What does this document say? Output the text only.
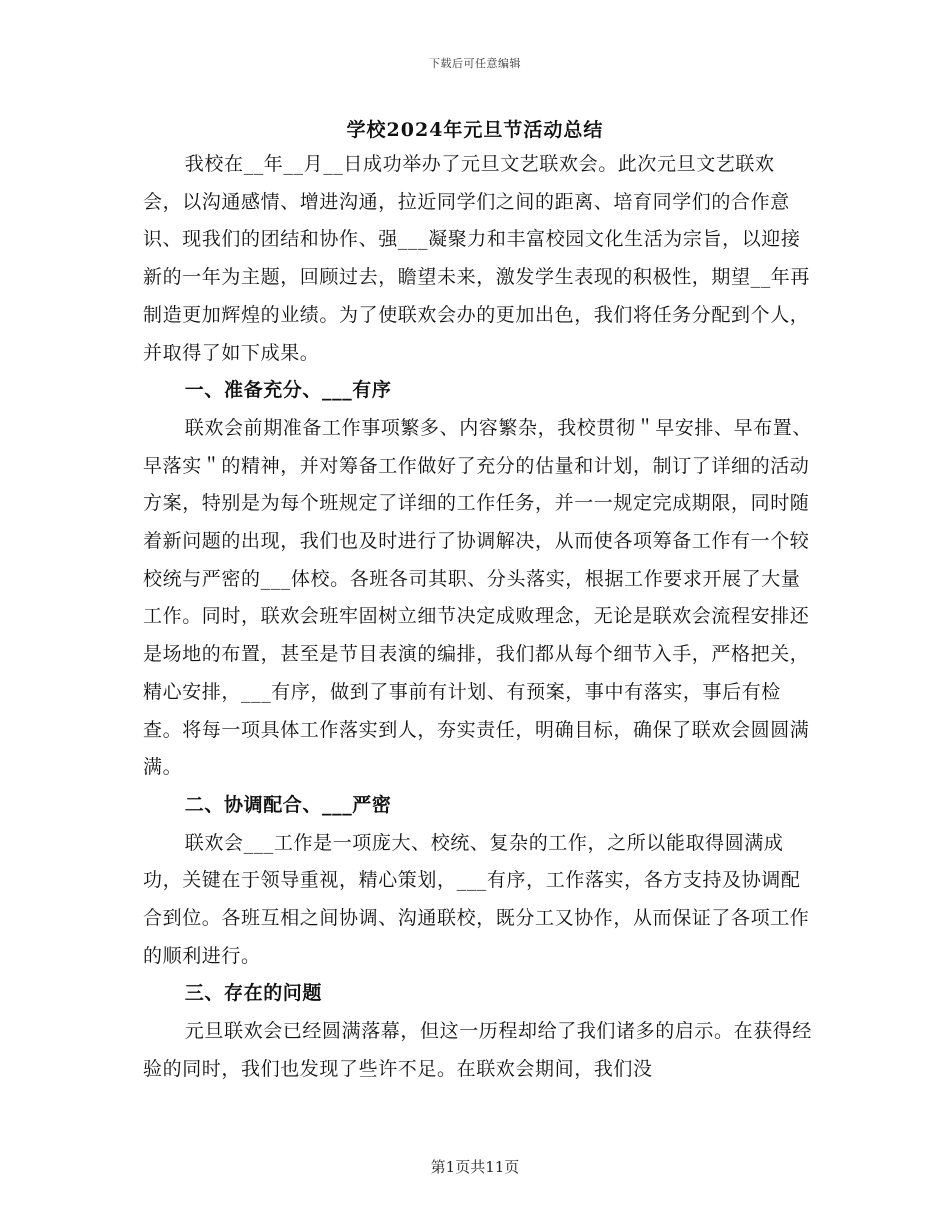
下载后可任意编辑
学校2024年元旦节活动总结

我校在__年__月__日成功举办了元旦文艺联欢会。此次元旦文艺联欢会，以沟通感情、增进沟通，拉近同学们之间的距离、培育同学们的合作意识、现我们的团结和协作、强___凝聚力和丰富校园文化生活为宗旨，以迎接新的一年为主题，回顾过去，瞻望未来，激发学生表现的积极性，期望__年再制造更加辉煌的业绩。为了使联欢会办的更加出色，我们将任务分配到个人，并取得了如下成果。

一、准备充分、___有序

联欢会前期准备工作事项繁多、内容繁杂，我校贯彻＂早安排、早布置、早落实＂的精神，并对筹备工作做好了充分的估量和计划，制订了详细的活动方案，特别是为每个班规定了详细的工作任务，并一一规定完成期限，同时随着新问题的出现，我们也及时进行了协调解决，从而使各项筹备工作有一个较校统与严密的___体校。各班各司其职、分头落实，根据工作要求开展了大量工作。同时，联欢会班牢固树立细节决定成败理念，无论是联欢会流程安排还是场地的布置，甚至是节目表演的编排，我们都从每个细节入手，严格把关，精心安排，___有序，做到了事前有计划、有预案，事中有落实，事后有检查。将每一项具体工作落实到人，夯实责任，明确目标，确保了联欢会圆圆满满。

二、协调配合、___严密

联欢会___工作是一项庞大、校统、复杂的工作，之所以能取得圆满成功，关键在于领导重视，精心策划，___有序，工作落实，各方支持及协调配合到位。各班互相之间协调、沟通联校，既分工又协作，从而保证了各项工作的顺利进行。

三、存在的问题

元旦联欢会已经圆满落幕，但这一历程却给了我们诸多的启示。在获得经验的同时，我们也发现了些许不足。在联欢会期间，我们没

第1页共11页
